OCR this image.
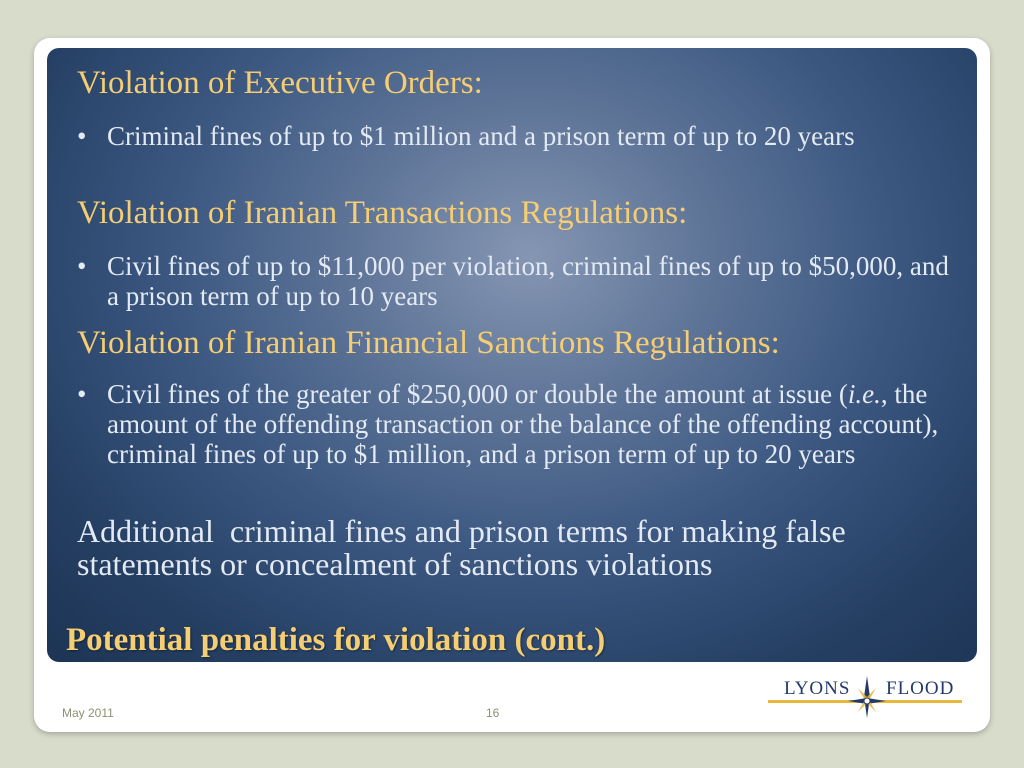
Violation of Executive Orders:
• Criminal fines of up to $1 million and a prison term of up to 20 years
Violation of Iranian Transactions Regulations:
• Civil fines of up to $11,000 per violation, criminal fines of up to $50,000, and a prison term of up to 10 years
Violation of Iranian Financial Sanctions Regulations:
• Civil fines of the greater of $250,000 or double the amount at issue (i.e., the amount of the offending transaction or the balance of the offending account), criminal fines of up to $1 million, and a prison term of up to 20 years

Additional  criminal fines and prison terms for making false statements or concealment of sanctions violations

Potential penalties for violation (cont.)
May 2011	16
LYONS FLOOD
